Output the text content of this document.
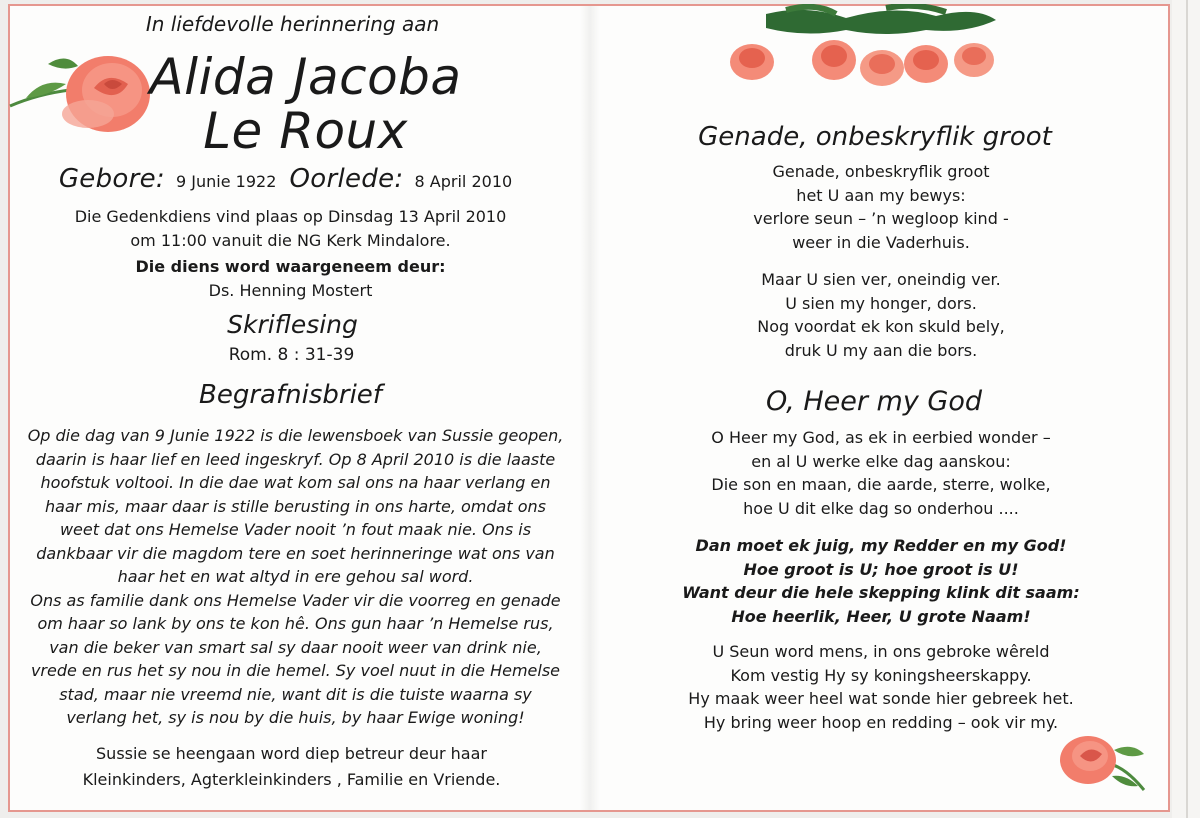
In liefdevolle herinnering aan
Alida Jacoba
Le Roux
Gebore: 9 Junie 1922 Oorlede: 8 April 2010
Die Gedenkdiens vind plaas op Dinsdag 13 April 2010
om 11:00 vanuit die NG Kerk Mindalore.
Die diens word waargeneem deur:
Ds. Henning Mostert
Skriflesing
Rom. 8 : 31-39
Begrafnisbrief
Op die dag van 9 Junie 1922 is die lewensboek van Sussie geopen,
daarin is haar lief en leed ingeskryf. Op 8 April 2010 is die laaste
hoofstuk voltooi. In die dae wat kom sal ons na haar verlang en
haar mis, maar daar is stille berusting in ons harte, omdat ons
weet dat ons Hemelse Vader nooit ’n fout maak nie. Ons is
dankbaar vir die magdom tere en soet herinneringe wat ons van
haar het en wat altyd in ere gehou sal word.
Ons as familie dank ons Hemelse Vader vir die voorreg en genade
om haar so lank by ons te kon hê. Ons gun haar ’n Hemelse rus,
van die beker van smart sal sy daar nooit weer van drink nie,
vrede en rus het sy nou in die hemel. Sy voel nuut in die Hemelse
stad, maar nie vreemd nie, want dit is die tuiste waarna sy
verlang het, sy is nou by die huis, by haar Ewige woning!
Sussie se heengaan word diep betreur deur haar
Kleinkinders, Agterkleinkinders , Familie en Vriende.
Genade, onbeskryflik groot
Genade, onbeskryflik groot
het U aan my bewys:
verlore seun – ’n wegloop kind -
weer in die Vaderhuis.
Maar U sien ver, oneindig ver.
U sien my honger, dors.
Nog voordat ek kon skuld bely,
druk U my aan die bors.
O, Heer my God
O Heer my God, as ek in eerbied wonder –
en al U werke elke dag aanskou:
Die son en maan, die aarde, sterre, wolke,
hoe U dit elke dag so onderhou ....
Dan moet ek juig, my Redder en my God!
Hoe groot is U; hoe groot is U!
Want deur die hele skepping klink dit saam:
Hoe heerlik, Heer, U grote Naam!
U Seun word mens, in ons gebroke wêreld
Kom vestig Hy sy koningsheerskappy.
Hy maak weer heel wat sonde hier gebreek het.
Hy bring weer hoop en redding – ook vir my.
